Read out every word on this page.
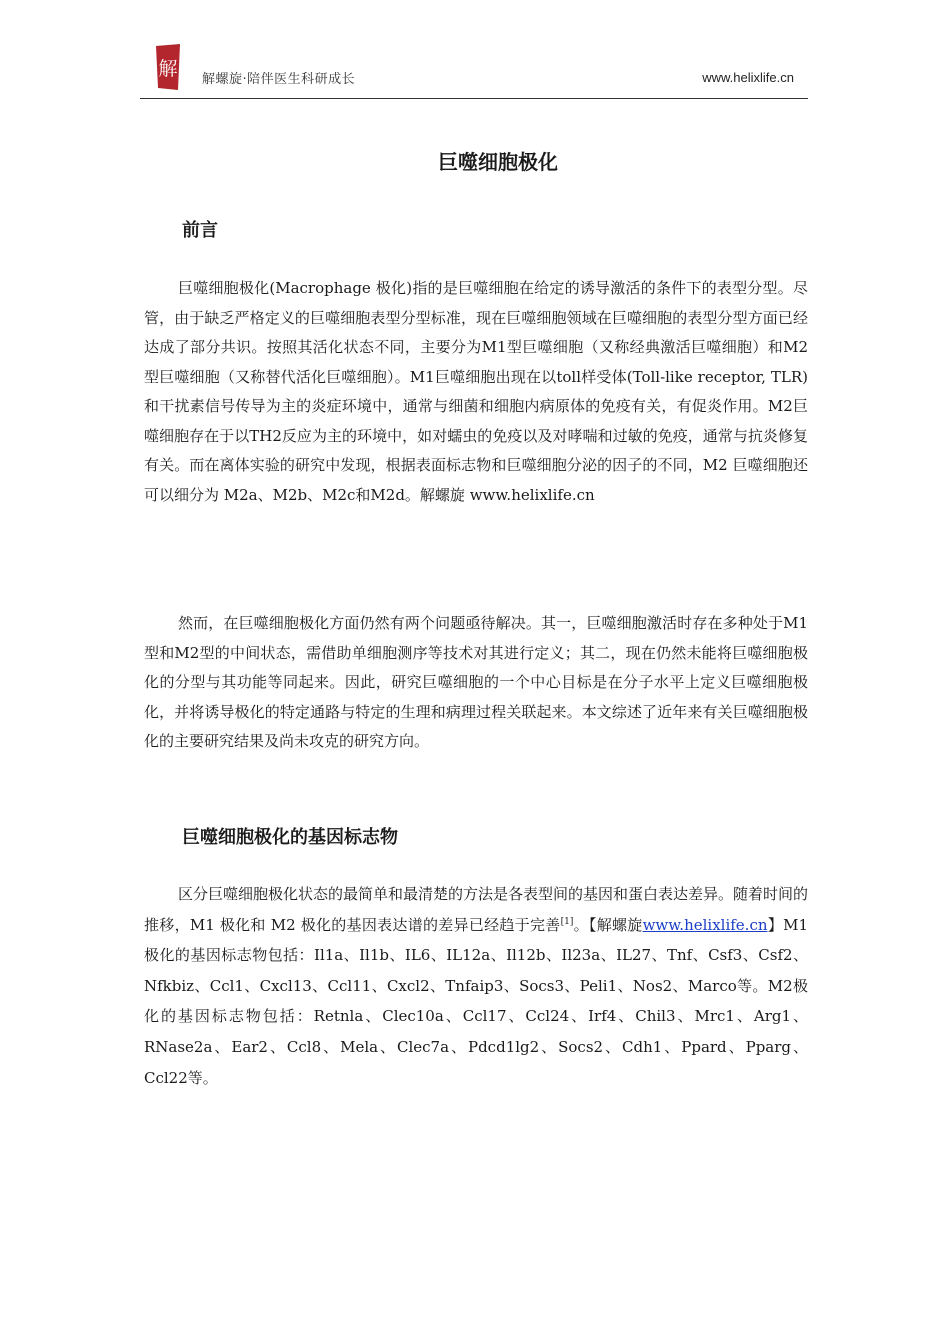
解 解螺旋·陪伴医生科研成长	www.helixlife.cn
巨噬细胞极化
前言

巨噬细胞极化(Macrophage 极化)指的是巨噬细胞在给定的诱导激活的条件下的表型分型。尽管，由于缺乏严格定义的巨噬细胞表型分型标准，现在巨噬细胞领域在巨噬细胞的表型分型方面已经达成了部分共识。按照其活化状态不同，主要分为M1型巨噬细胞（又称经典激活巨噬细胞）和M2型巨噬细胞（又称替代活化巨噬细胞）。M1巨噬细胞出现在以toll样受体(Toll-like receptor, TLR)和干扰素信号传导为主的炎症环境中，通常与细菌和细胞内病原体的免疫有关，有促炎作用。M2巨噬细胞存在于以TH2反应为主的环境中，如对蠕虫的免疫以及对哮喘和过敏的免疫，通常与抗炎修复有关。而在离体实验的研究中发现，根据表面标志物和巨噬细胞分泌的因子的不同，M2 巨噬细胞还可以细分为 M2a、M2b、M2c和M2d。解螺旋 www.helixlife.cn

然而，在巨噬细胞极化方面仍然有两个问题亟待解决。其一，巨噬细胞激活时存在多种处于M1型和M2型的中间状态，需借助单细胞测序等技术对其进行定义；其二，现在仍然未能将巨噬细胞极化的分型与其功能等同起来。因此，研究巨噬细胞的一个中心目标是在分子水平上定义巨噬细胞极化，并将诱导极化的特定通路与特定的生理和病理过程关联起来。本文综述了近年来有关巨噬细胞极化的主要研究结果及尚未攻克的研究方向。

巨噬细胞极化的基因标志物

区分巨噬细胞极化状态的最简单和最清楚的方法是各表型间的基因和蛋白表达差异。随着时间的推移，M1 极化和 M2 极化的基因表达谱的差异已经趋于完善[1]。【解螺旋www.helixlife.cn】M1极化的基因标志物包括：Il1a、Il1b、IL6、IL12a、Il12b、Il23a、IL27、Tnf、Csf3、Csf2、Nfkbiz、Ccl1、Cxcl13、Ccl11、Cxcl2、Tnfaip3、Socs3、Peli1、Nos2、Marco等。M2极化的基因标志物包括：Retnla、Clec10a、Ccl17、Ccl24、Irf4、Chil3、Mrc1、Arg1、RNase2a、Ear2、Ccl8、Mela、Clec7a、Pdcd1lg2、Socs2、Cdh1、Ppard、Pparg、Ccl22等。
